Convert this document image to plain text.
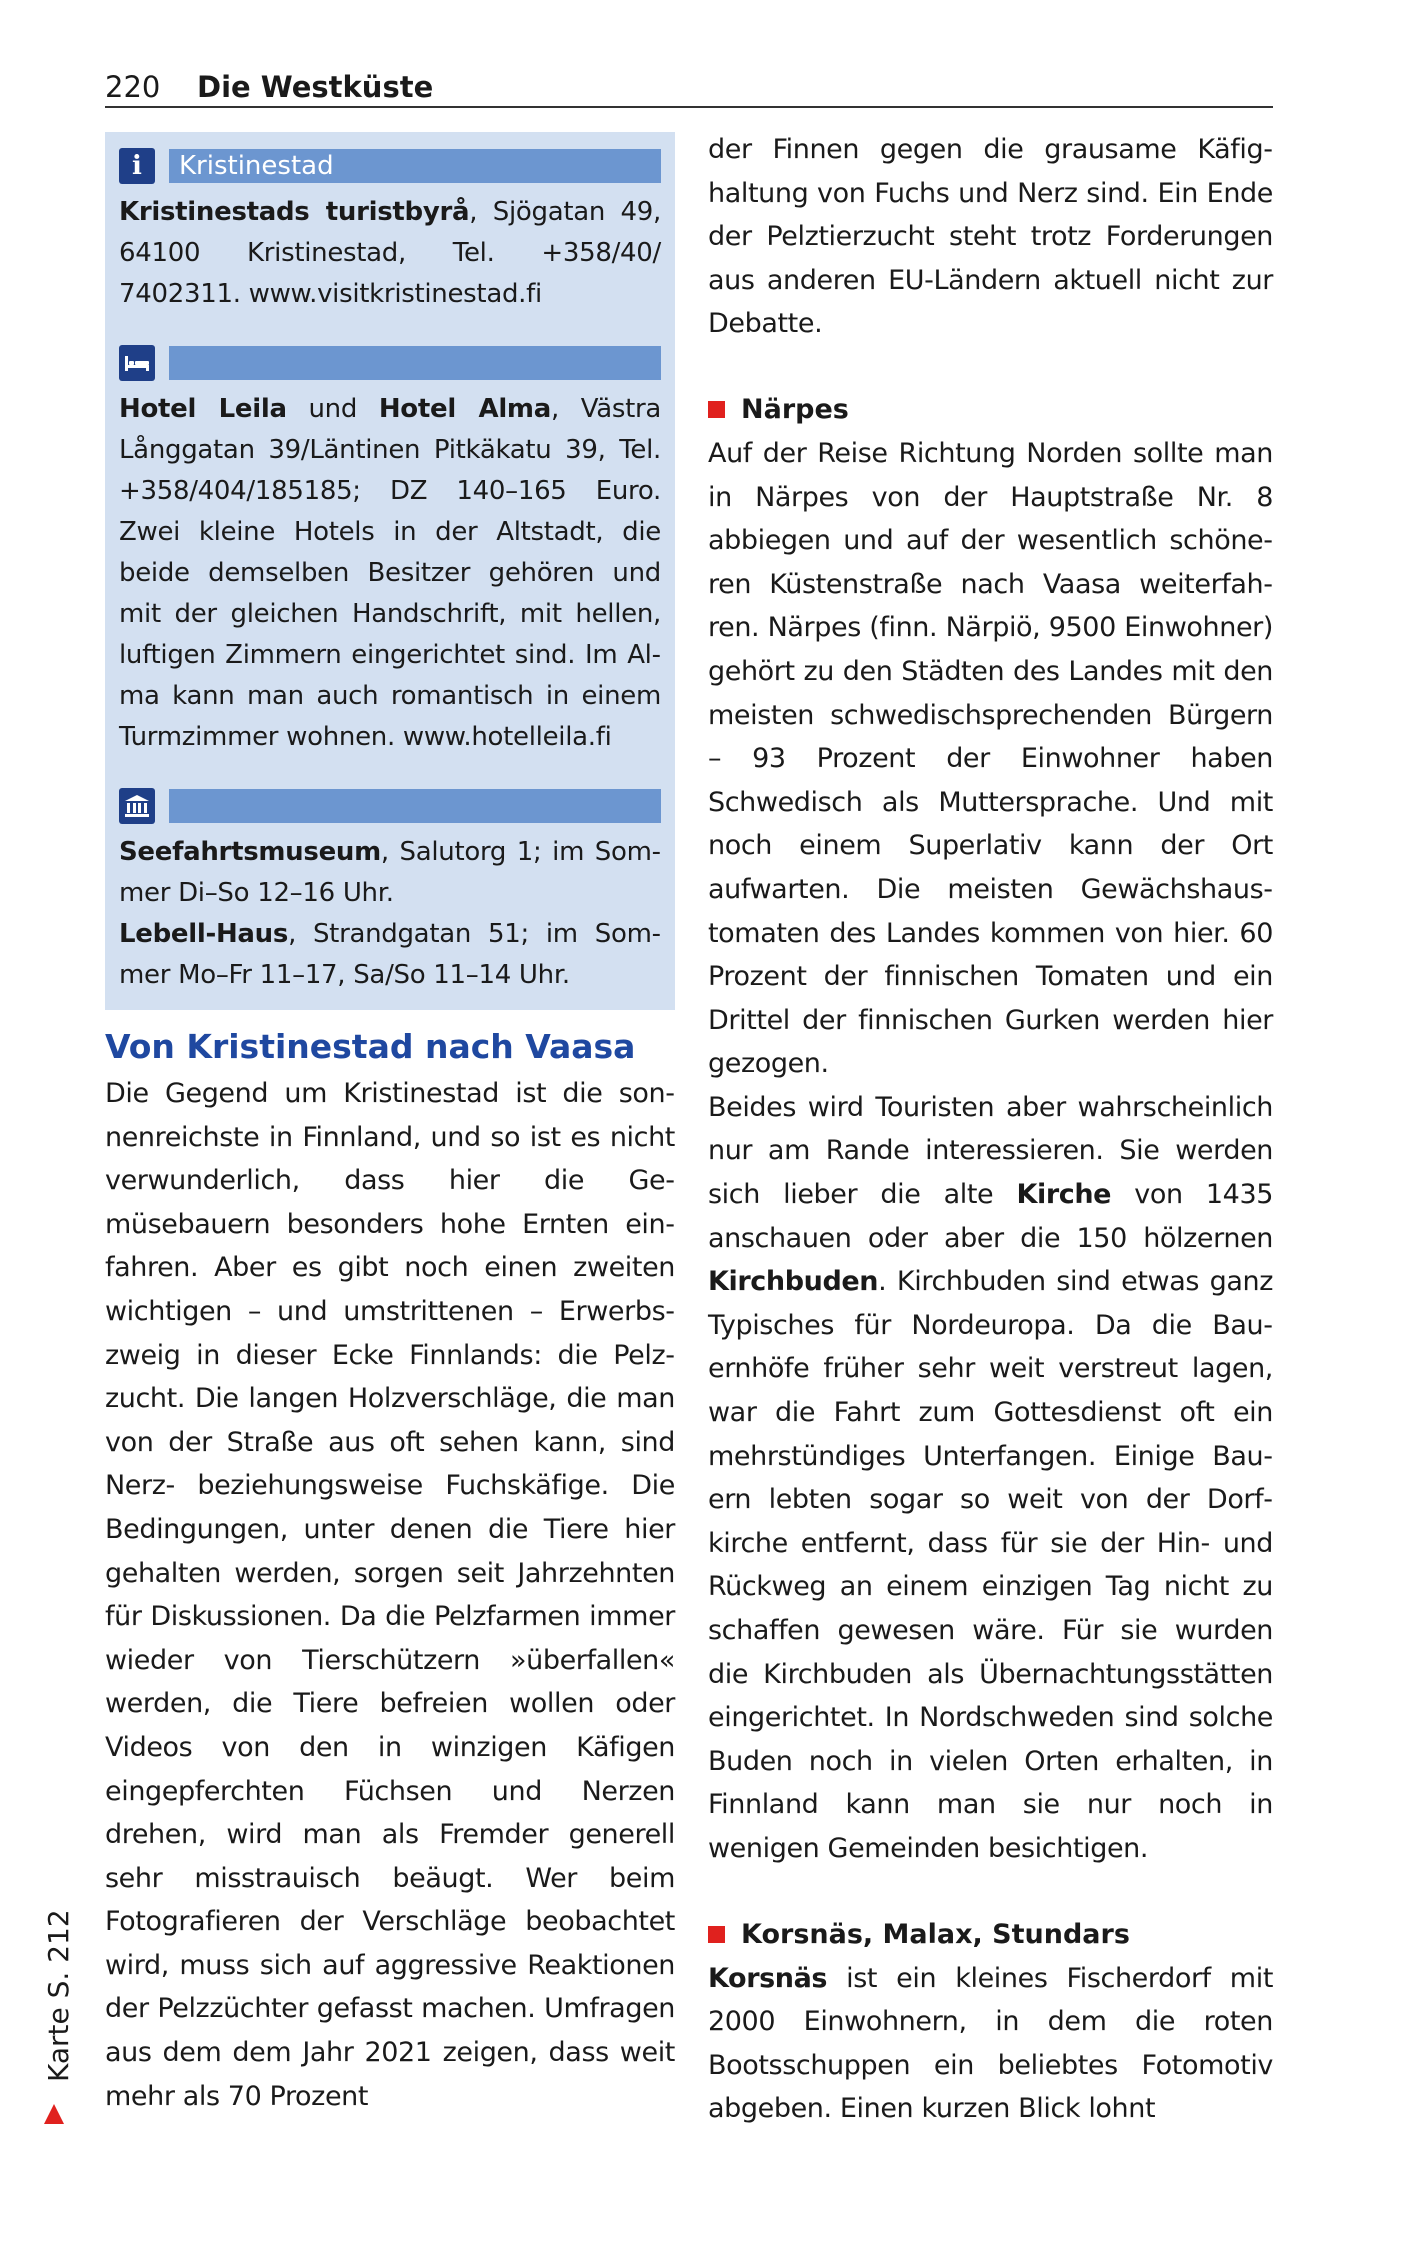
220 Die Westküste
i	Kristinestad

Kristinestads turistbyrå, Sjögatan 49, 64100 Kristinestad, Tel. +358/40/ 7402311. www.visitkristinestad.fi

Hotel Leila und Hotel Alma, Västra Långgatan 39/Läntinen Pitkäkatu 39, Tel. +358/404/185185; DZ 140–165 Euro. Zwei kleine Hotels in der Altstadt, die beide demselben Besitzer gehören und mit der gleichen Handschrift, mit hellen, luftigen Zimmern eingerichtet sind. Im Alma kann man auch romantisch in einem Turmzimmer wohnen. www.hotelleila.fi

Seefahrtsmuseum, Salutorg 1; im Sommer Di–So 12–16 Uhr.

Lebell-Haus, Strandgatan 51; im Sommer Mo–Fr 11–17, Sa/So 11–14 Uhr.

Von Kristinestad nach Vaasa

Die Gegend um Kristinestad ist die sonnenreichste in Finnland, und so ist es nicht verwunderlich, dass hier die Gemüsebauern besonders hohe Ernten einfahren. Aber es gibt noch einen zweiten wichtigen – und umstrittenen – Erwerbszweig in dieser Ecke Finnlands: die Pelzzucht. Die langen Holzverschläge, die man von der Straße aus oft sehen kann, sind Nerz- beziehungsweise Fuchskäfige. Die Bedingungen, unter denen die Tiere hier gehalten werden, sorgen seit Jahrzehnten für Diskussionen. Da die Pelzfarmen immer wieder von Tierschützern »überfallen« werden, die Tiere befreien wollen oder Videos von den in winzigen Käfigen eingepferchten Füchsen und Nerzen drehen, wird man als Fremder generell sehr misstrauisch beäugt. Wer beim Fotografieren der Verschläge beobachtet wird, muss sich auf aggressive Reaktionen der Pelzzüchter gefasst machen. Umfragen aus dem dem Jahr 2021 zeigen, dass weit mehr als 70 Prozent

der Finnen gegen die grausame Käfighaltung von Fuchs und Nerz sind. Ein Ende der Pelztierzucht steht trotz Forderungen aus anderen EU-Ländern aktuell nicht zur Debatte.

Närpes

Auf der Reise Richtung Norden sollte man in Närpes von der Hauptstraße Nr. 8 abbiegen und auf der wesentlich schöneren Küstenstraße nach Vaasa weiterfahren. Närpes (finn. Närpiö, 9500 Einwohner) gehört zu den Städten des Landes mit den meisten schwedischsprechenden Bürgern – 93 Prozent der Einwohner haben Schwedisch als Muttersprache. Und mit noch einem Superlativ kann der Ort aufwarten. Die meisten Gewächshaustomaten des Landes kommen von hier. 60 Prozent der finnischen Tomaten und ein Drittel der finnischen Gurken werden hier gezogen.

Beides wird Touristen aber wahrscheinlich nur am Rande interessieren. Sie werden sich lieber die alte Kirche von 1435 anschauen oder aber die 150 hölzernen Kirchbuden. Kirchbuden sind etwas ganz Typisches für Nordeuropa. Da die Bauernhöfe früher sehr weit verstreut lagen, war die Fahrt zum Gottesdienst oft ein mehrstündiges Unterfangen. Einige Bauern lebten sogar so weit von der Dorfkirche entfernt, dass für sie der Hin- und Rückweg an einem einzigen Tag nicht zu schaffen gewesen wäre. Für sie wurden die Kirchbuden als Übernachtungsstätten eingerichtet. In Nordschweden sind solche Buden noch in vielen Orten erhalten, in Finnland kann man sie nur noch in wenigen Gemeinden besichtigen.

Korsnäs, Malax, Stundars

Korsnäs ist ein kleines Fischerdorf mit 2000 Einwohnern, in dem die roten Bootsschuppen ein beliebtes Fotomotiv abgeben. Einen kurzen Blick lohnt

Karte S. 212
